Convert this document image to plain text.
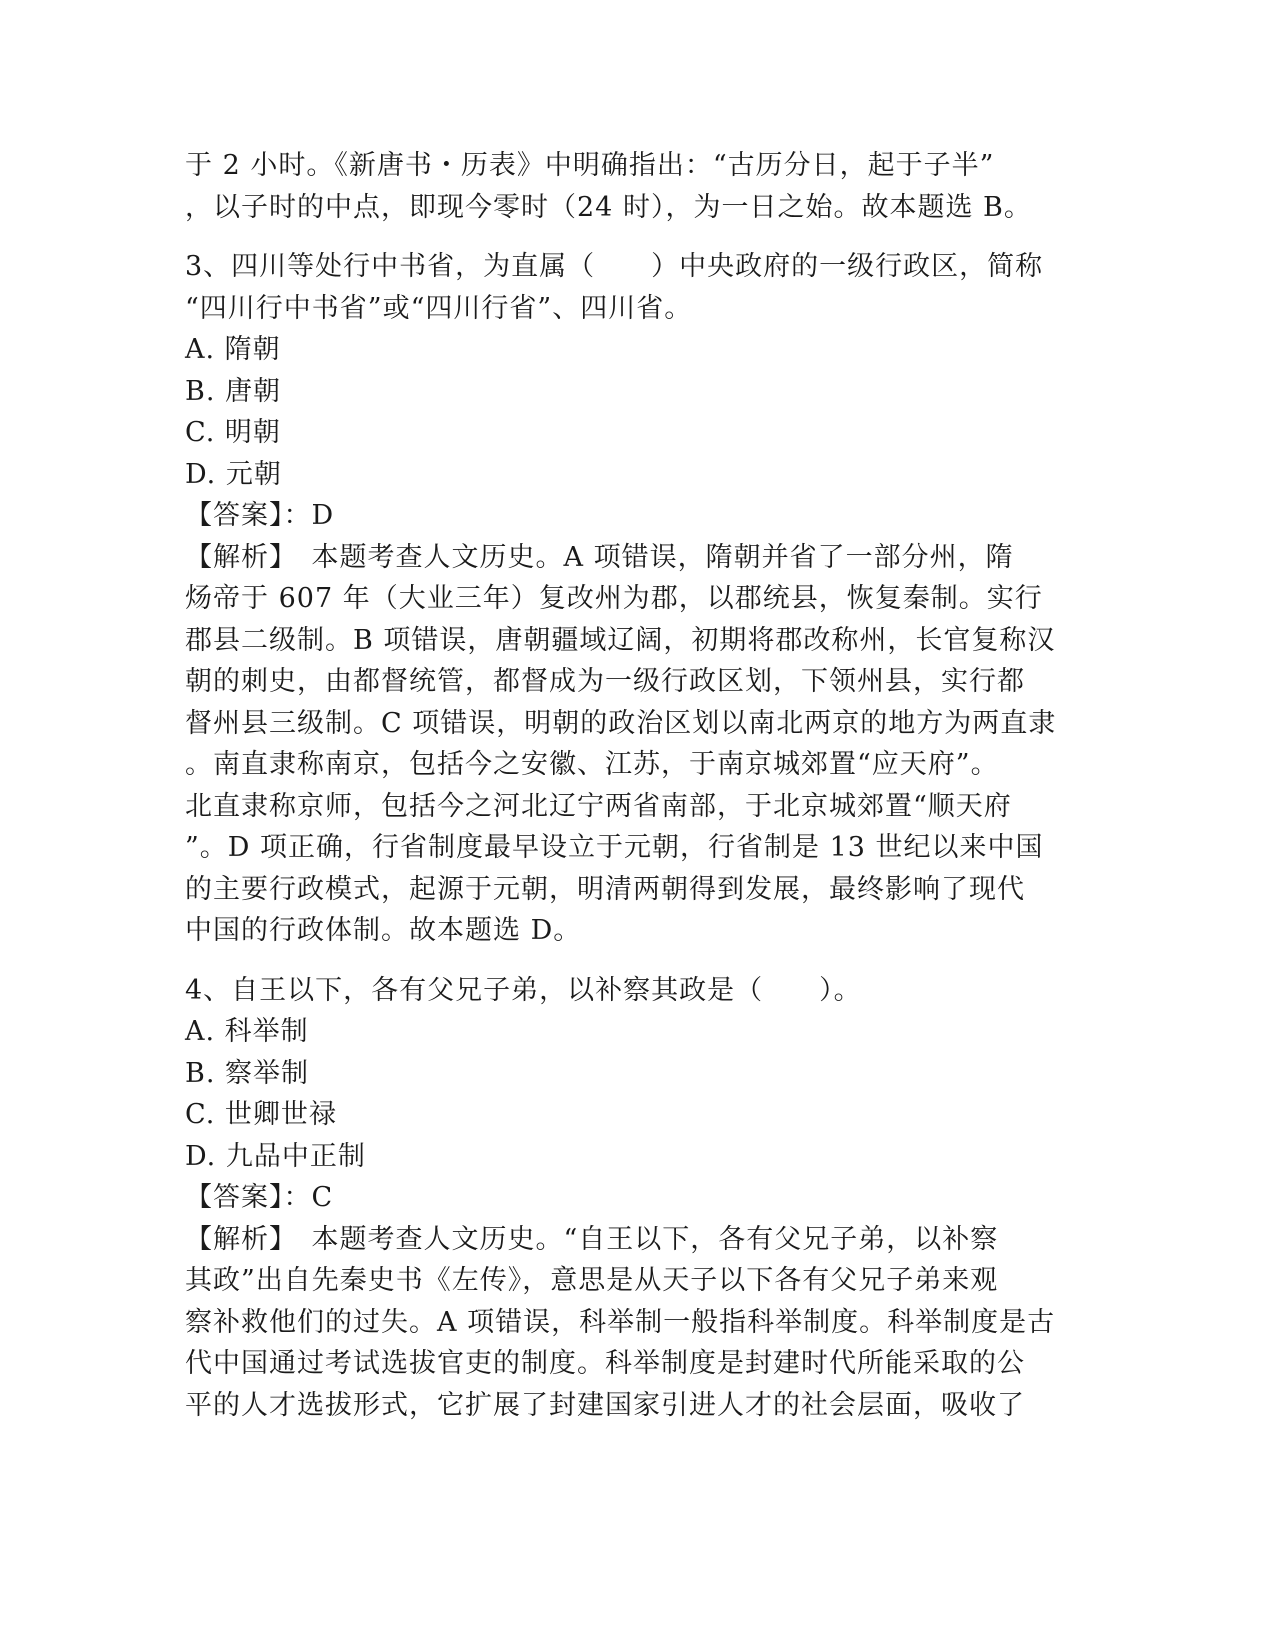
于 2 小时。《新唐书・历表》中明确指出：“古历分日，起于子半”
，以子时的中点，即现今零时（24 时），为一日之始。故本题选 B。
3、四川等处行中书省，为直属（　　）中央政府的一级行政区，简称
“四川行中书省”或“四川行省”、四川省。
A. 隋朝
B. 唐朝
C. 明朝
D. 元朝
【答案】：D
【解析】　本题考查人文历史。A 项错误，隋朝并省了一部分州，隋
炀帝于 607 年（大业三年）复改州为郡，以郡统县，恢复秦制。实行
郡县二级制。B 项错误，唐朝疆域辽阔，初期将郡改称州，长官复称汉
朝的刺史，由都督统管，都督成为一级行政区划，下领州县，实行都
督州县三级制。C 项错误，明朝的政治区划以南北两京的地方为两直隶
。南直隶称南京，包括今之安徽、江苏，于南京城郊置“应天府”。
北直隶称京师，包括今之河北辽宁两省南部，于北京城郊置“顺天府
”。D 项正确，行省制度最早设立于元朝，行省制是 13 世纪以来中国
的主要行政模式，起源于元朝，明清两朝得到发展，最终影响了现代
中国的行政体制。故本题选 D。
4、自王以下，各有父兄子弟，以补察其政是（　　）。
A. 科举制
B. 察举制
C. 世卿世禄
D. 九品中正制
【答案】：C
【解析】　本题考查人文历史。“自王以下，各有父兄子弟，以补察
其政”出自先秦史书《左传》，意思是从天子以下各有父兄子弟来观
察补救他们的过失。A 项错误，科举制一般指科举制度。科举制度是古
代中国通过考试选拔官吏的制度。科举制度是封建时代所能采取的公
平的人才选拔形式，它扩展了封建国家引进人才的社会层面，吸收了
